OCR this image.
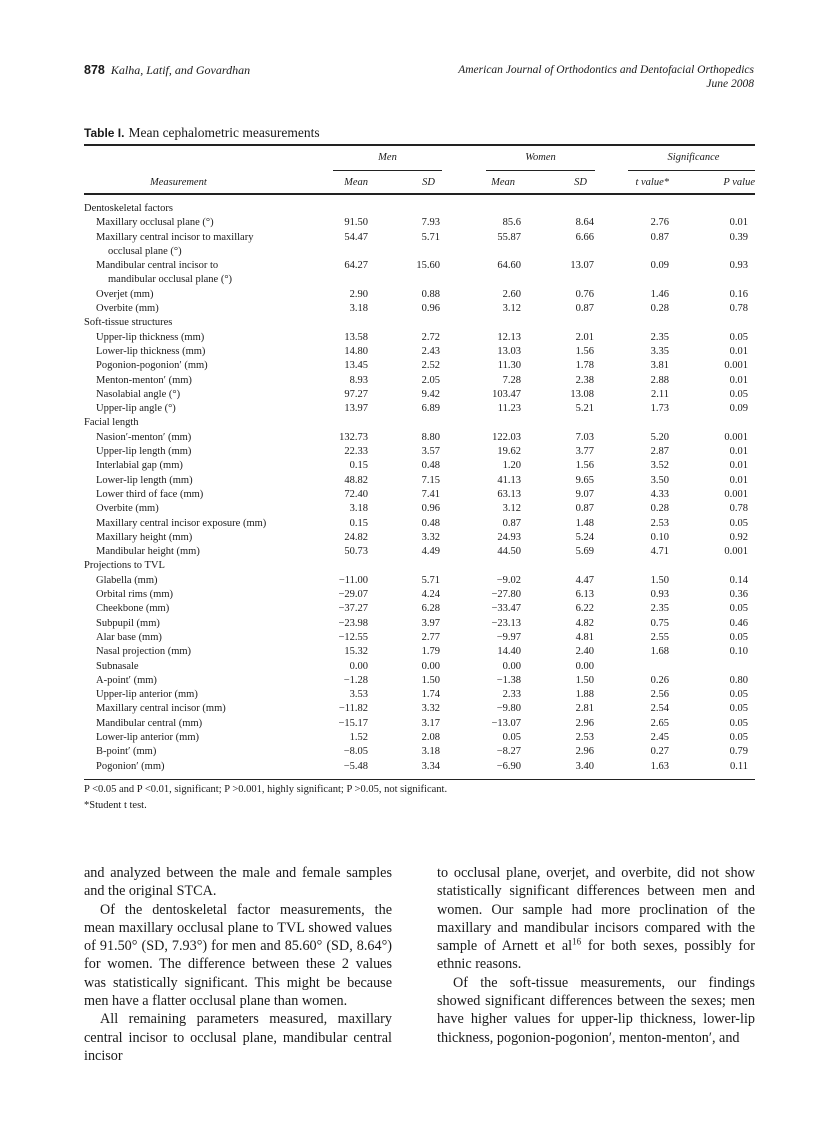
878 Kalha, Latif, and Govardhan	American Journal of Orthodontics and Dentofacial Orthopedics
June 2008
Table I. Mean cephalometric measurements
Men	Women	Significance
Measurement	Mean	SD	Mean	SD	t value*	P value
Dentoskeletal factors
Maxillary occlusal plane (°)	91.50	7.93	85.6	8.64	2.76	0.01
Maxillary central incisor to maxillary
occlusal plane (°)
54.47	5.71	55.87	6.66	0.87	0.39
Mandibular central incisor to
mandibular occlusal plane (°)
64.27	15.60	64.60	13.07	0.09	0.93
Overjet (mm)	2.90	0.88	2.60	0.76	1.46	0.16
Overbite (mm)	3.18	0.96	3.12	0.87	0.28	0.78
Soft-tissue structures
Upper-lip thickness (mm)	13.58	2.72	12.13	2.01	2.35	0.05
Lower-lip thickness (mm)	14.80	2.43	13.03	1.56	3.35	0.01
Pogonion-pogonion′ (mm)	13.45	2.52	11.30	1.78	3.81	0.001
Menton-menton′ (mm)	8.93	2.05	7.28	2.38	2.88	0.01
Nasolabial angle (°)	97.27	9.42	103.47	13.08	2.11	0.05
Upper-lip angle (°)	13.97	6.89	11.23	5.21	1.73	0.09
Facial length
Nasion′-menton′ (mm)	132.73	8.80	122.03	7.03	5.20	0.001
Upper-lip length (mm)	22.33	3.57	19.62	3.77	2.87	0.01
Interlabial gap (mm)	0.15	0.48	1.20	1.56	3.52	0.01
Lower-lip length (mm)	48.82	7.15	41.13	9.65	3.50	0.01
Lower third of face (mm)	72.40	7.41	63.13	9.07	4.33	0.001
Overbite (mm)	3.18	0.96	3.12	0.87	0.28	0.78
Maxillary central incisor exposure (mm)	0.15	0.48	0.87	1.48	2.53	0.05
Maxillary height (mm)	24.82	3.32	24.93	5.24	0.10	0.92
Mandibular height (mm)	50.73	4.49	44.50	5.69	4.71	0.001
Projections to TVL
Glabella (mm)	−11.00	5.71	−9.02	4.47	1.50	0.14
Orbital rims (mm)	−29.07	4.24	−27.80	6.13	0.93	0.36
Cheekbone (mm)	−37.27	6.28	−33.47	6.22	2.35	0.05
Subpupil (mm)	−23.98	3.97	−23.13	4.82	0.75	0.46
Alar base (mm)	−12.55	2.77	−9.97	4.81	2.55	0.05
Nasal projection (mm)	15.32	1.79	14.40	2.40	1.68	0.10
Subnasale	0.00	0.00	0.00	0.00
A-point′ (mm)	−1.28	1.50	−1.38	1.50	0.26	0.80
Upper-lip anterior (mm)	3.53	1.74	2.33	1.88	2.56	0.05
Maxillary central incisor (mm)	−11.82	3.32	−9.80	2.81	2.54	0.05
Mandibular central (mm)	−15.17	3.17	−13.07	2.96	2.65	0.05
Lower-lip anterior (mm)	1.52	2.08	0.05	2.53	2.45	0.05
B-point′ (mm)	−8.05	3.18	−8.27	2.96	0.27	0.79
Pogonion′ (mm)	−5.48	3.34	−6.90	3.40	1.63	0.11
P <0.05 and P <0.01, significant; P >0.001, highly significant; P >0.05, not significant.
*Student t test.

and analyzed between the male and female samples and the original STCA.

Of the dentoskeletal factor measurements, the mean maxillary occlusal plane to TVL showed values of 91.50° (SD, 7.93°) for men and 85.60° (SD, 8.64°) for women. The difference between these 2 values was statistically significant. This might be because men have a flatter occlusal plane than women.

All remaining parameters measured, maxillary central incisor to occlusal plane, mandibular central incisor

to occlusal plane, overjet, and overbite, did not show statistically significant differences between men and women. Our sample had more proclination of the maxillary and mandibular incisors compared with the sample of Arnett et $al^{16}$ for both sexes, possibly for ethnic reasons.

Of the soft-tissue measurements, our findings showed significant differences between the sexes; men have higher values for upper-lip thickness, lower-lip thickness, pogonion-pogonion′, menton-menton′, and
